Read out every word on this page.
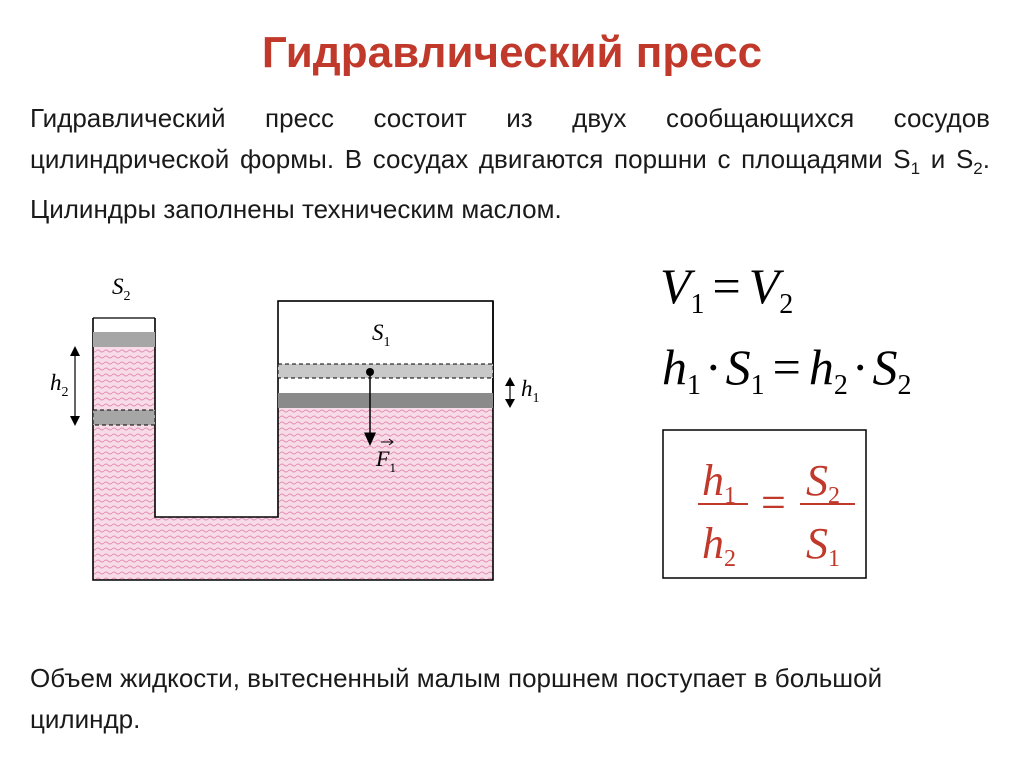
Гидравлический пресс
Гидравлический пресс состоит из двух сообщающихся сосудов цилиндрической формы. В сосудах двигаются поршни с площадями $S_1$ и $S_2$. Цилиндры заполнены техническим маслом.
$S_2$
$S_1$
$h_2$	$h_1$
$F_1$
$V_1 = V_2$
$h_1\cdot S_1 = h_2\cdot S_2$
h1
h2
= S2
S1
Объем жидкости, вытесненный малым поршнем поступает в большой цилиндр.
